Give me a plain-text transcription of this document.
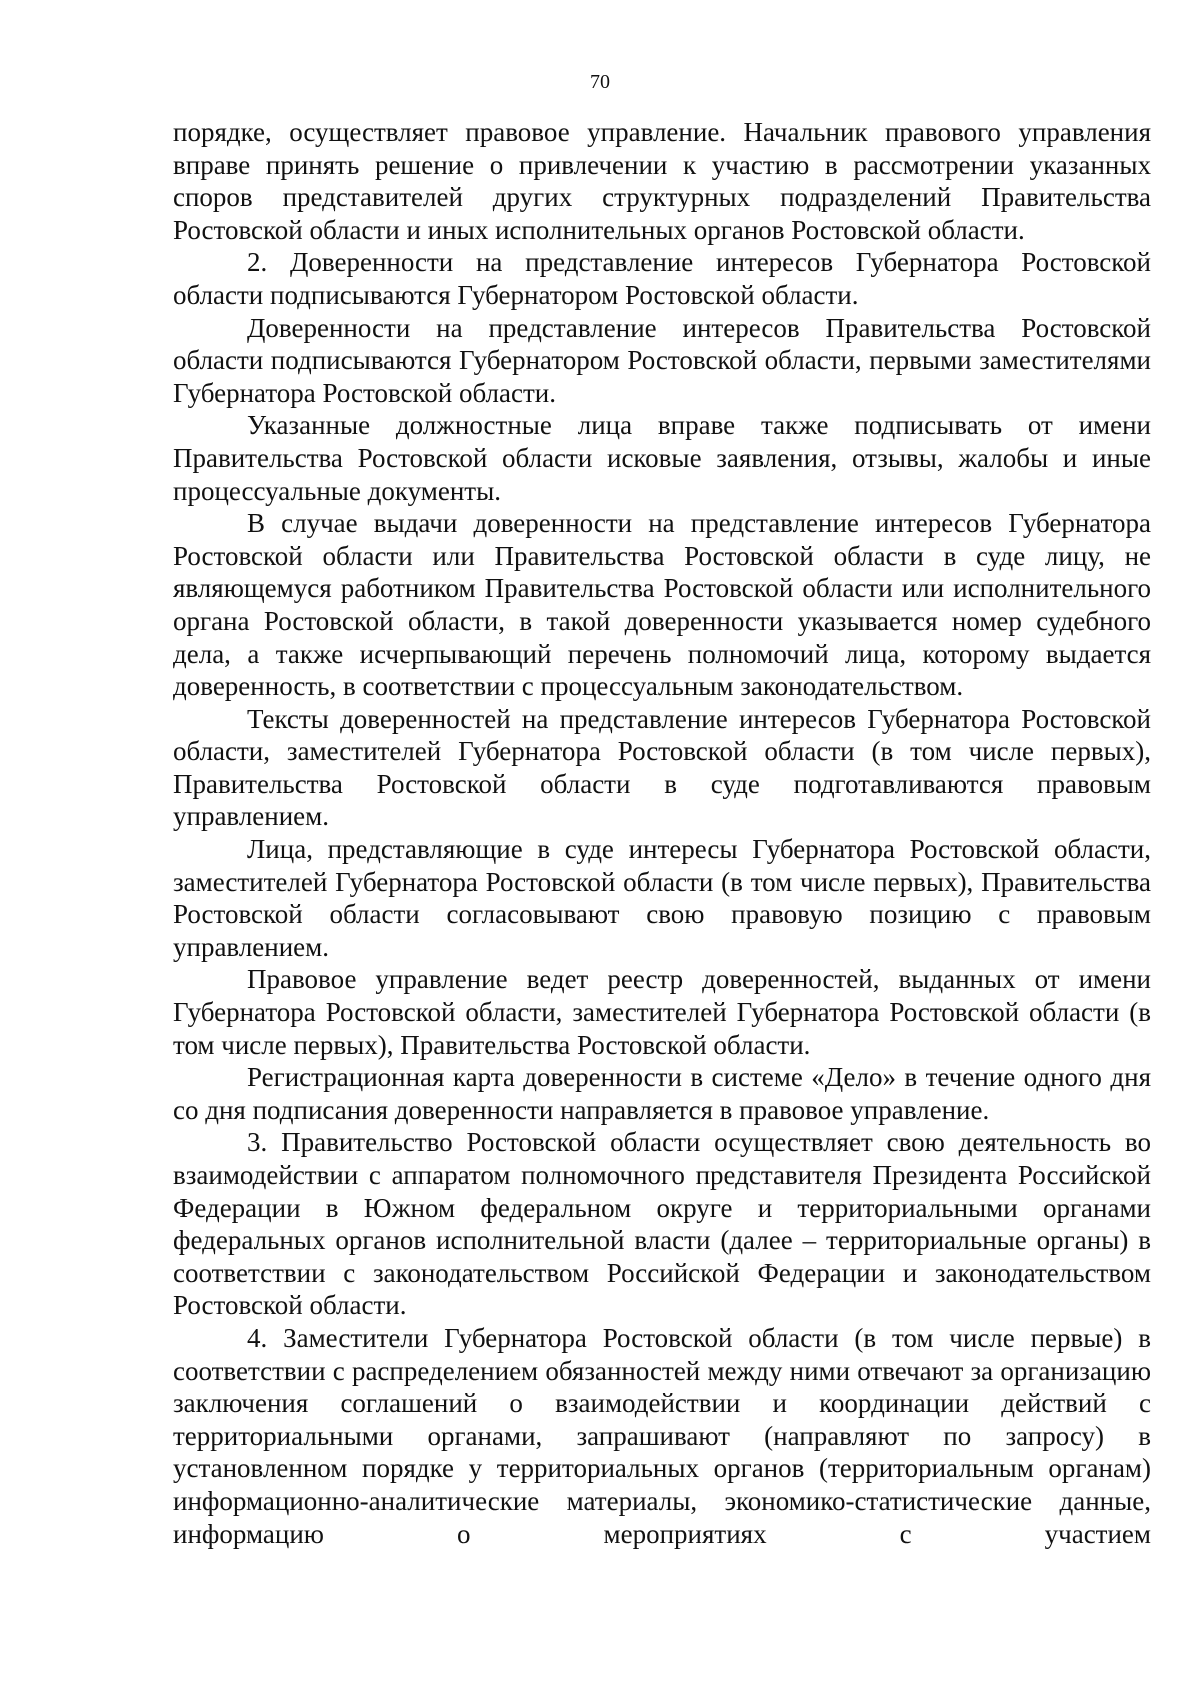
70

порядке, осуществляет правовое управление. Начальник правового управления вправе принять решение о привлечении к участию в рассмотрении указанных споров представителей других структурных подразделений Правительства Ростовской области и иных исполнительных органов Ростовской области.

2. Доверенности на представление интересов Губернатора Ростовской области подписываются Губернатором Ростовской области.

Доверенности на представление интересов Правительства Ростовской области подписываются Губернатором Ростовской области, первыми заместителями Губернатора Ростовской области.

Указанные должностные лица вправе также подписывать от имени Правительства Ростовской области исковые заявления, отзывы, жалобы и иные процессуальные документы.

В случае выдачи доверенности на представление интересов Губернатора Ростовской области или Правительства Ростовской области в суде лицу, не являющемуся работником Правительства Ростовской области или исполнительного органа Ростовской области, в такой доверенности указывается номер судебного дела, а также исчерпывающий перечень полномочий лица, которому выдается доверенность, в соответствии с процессуальным законодательством.

Тексты доверенностей на представление интересов Губернатора Ростовской области, заместителей Губернатора Ростовской области (в том числе первых), Правительства Ростовской области в суде подготавливаются правовым управлением.

Лица, представляющие в суде интересы Губернатора Ростовской области, заместителей Губернатора Ростовской области (в том числе первых), Правительства Ростовской области согласовывают свою правовую позицию с правовым управлением.

Правовое управление ведет реестр доверенностей, выданных от имени Губернатора Ростовской области, заместителей Губернатора Ростовской области (в том числе первых), Правительства Ростовской области.

Регистрационная карта доверенности в системе «Дело» в течение одного дня со дня подписания доверенности направляется в правовое управление.

3. Правительство Ростовской области осуществляет свою деятельность во взаимодействии с аппаратом полномочного представителя Президента Российской Федерации в Южном федеральном округе и территориальными органами федеральных органов исполнительной власти (далее – территориальные органы) в соответствии с законодательством Российской Федерации и законодательством Ростовской области.

4. Заместители Губернатора Ростовской области (в том числе первые) в соответствии с распределением обязанностей между ними отвечают за организацию заключения соглашений о взаимодействии и координации действий с территориальными органами, запрашивают (направляют по запросу) в установленном порядке у территориальных органов (территориальным органам) информационно-аналитические материалы, экономико-статистические данные, информацию о мероприятиях с участием
